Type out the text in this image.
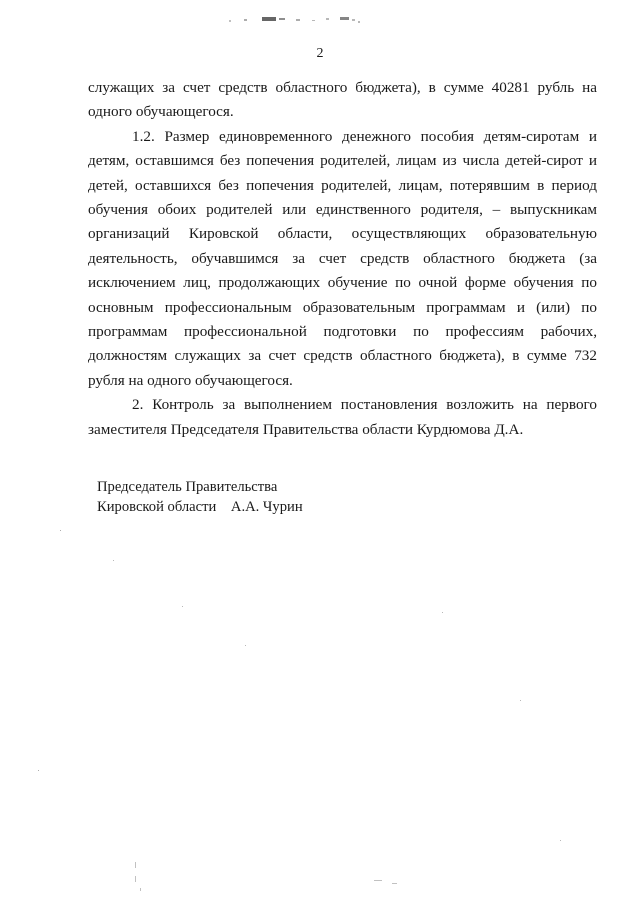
2

служащих за счет средств областного бюджета), в сумме 40281 рубль на одного обучающегося.

1.2. Размер единовременного денежного пособия детям-сиротам и детям, оставшимся без попечения родителей, лицам из числа детей-сирот и детей, оставшихся без попечения родителей, лицам, потерявшим в период обучения обоих родителей или единственного родителя, – выпускникам организаций Кировской области, осуществляющих образовательную деятельность, обучавшимся за счет средств областного бюджета (за исключением лиц, продолжающих обучение по очной форме обучения по основным профессиональным образовательным программам и (или) по программам профессиональной подготовки по профессиям рабочих, должностям служащих за счет средств областного бюджета), в сумме 732 рубля на одного обучающегося.

2. Контроль за выполнением постановления возложить на первого заместителя Председателя Правительства области Курдюмова Д.А.

Председатель Правительства
Кировской области А.А. Чурин
